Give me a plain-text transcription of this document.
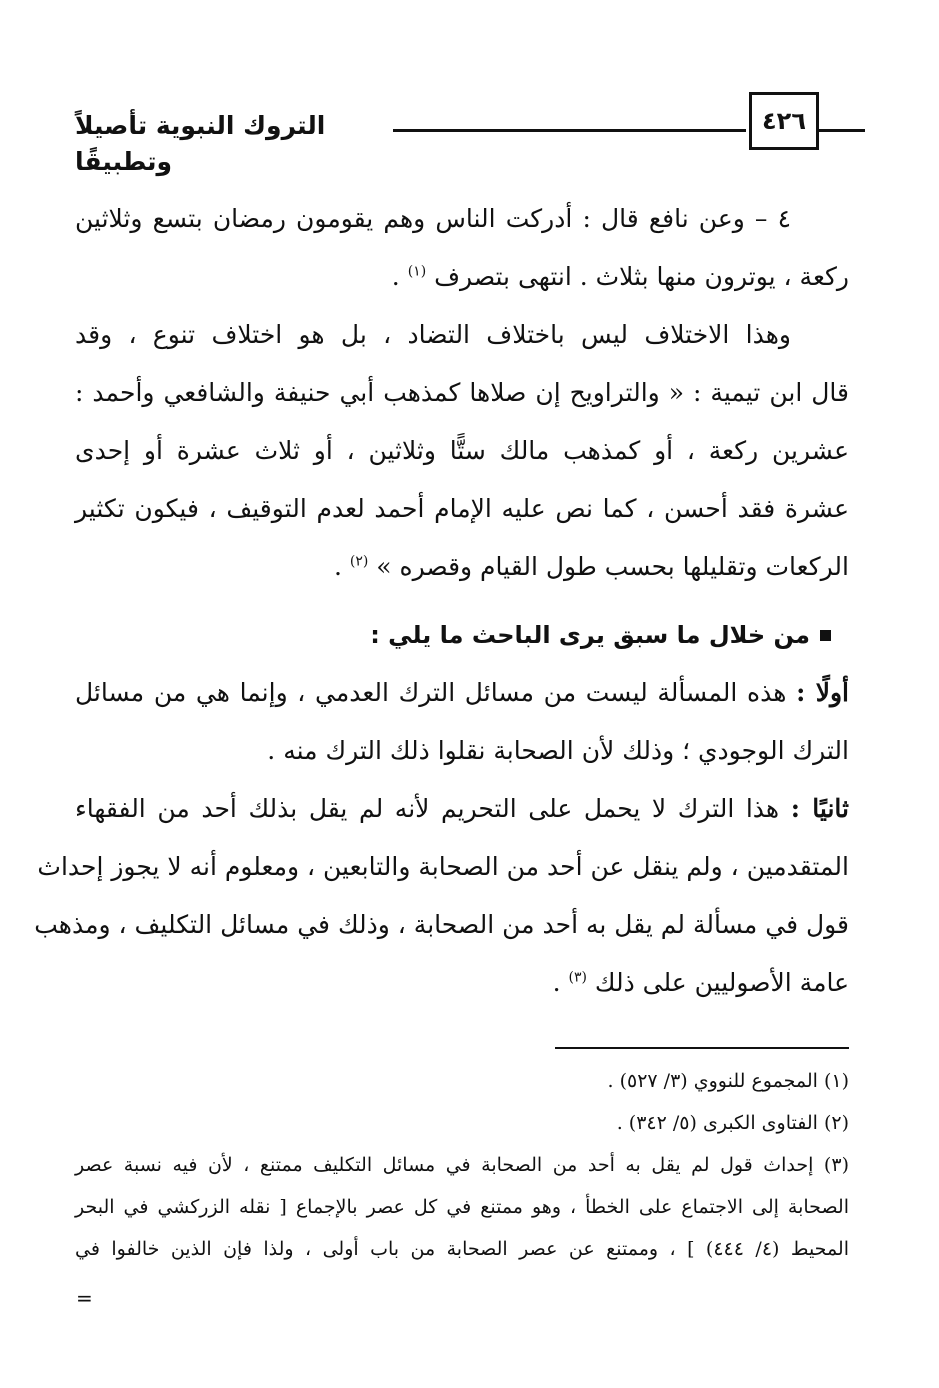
٤٢٦
التروك النبوية تأصيلاً وتطبيقًا

٤ – وعن نافع قال : أدركت الناس وهم يقومون رمضان بتسع وثلاثين
ركعة ، يوترون منها بثلاث . انتهى بتصرف $^{(١)}$ .

وهذا الاختلاف ليس باختلاف التضاد ، بل هو اختلاف تنوع ، وقد
قال ابن تيمية : « والتراويح إن صلاها كمذهب أبي حنيفة والشافعي وأحمد :
عشرين ركعة ، أو كمذهب مالك ستًّا وثلاثين ، أو ثلاث عشرة أو إحدى
عشرة فقد أحسن ، كما نص عليه الإمام أحمد لعدم التوقيف ، فيكون تكثير
الركعات وتقليلها بحسب طول القيام وقصره » $^{(٢)}$ .

من خلال ما سبق يرى الباحث ما يلي :

أولًا : هذه المسألة ليست من مسائل الترك العدمي ، وإنما هي من مسائل
الترك الوجودي ؛ وذلك لأن الصحابة نقلوا ذلك الترك منه .

ثانيًا : هذا الترك لا يحمل على التحريم لأنه لم يقل بذلك أحد من الفقهاء
المتقدمين ، ولم ينقل عن أحد من الصحابة والتابعين ، ومعلوم أنه لا يجوز إحداث
قول في مسألة لم يقل به أحد من الصحابة ، وذلك في مسائل التكليف ، ومذهب
عامة الأصوليين على ذلك $^{(٣)}$ .

(١) المجموع للنووي (٣/ ٥٢٧) .
(٢) الفتاوى الكبرى (٥/ ٣٤٢) .
(٣) إحداث قول لم يقل به أحد من الصحابة في مسائل التكليف ممتنع ، لأن فيه نسبة عصر
الصحابة إلى الاجتماع على الخطأ ، وهو ممتنع في كل عصر بالإجماع [ نقله الزركشي في البحر
المحيط (٤/ ٤٤٤) ] ، وممتنع عن عصر الصحابة من باب أولى ، ولذا فإن الذين خالفوا في
=
